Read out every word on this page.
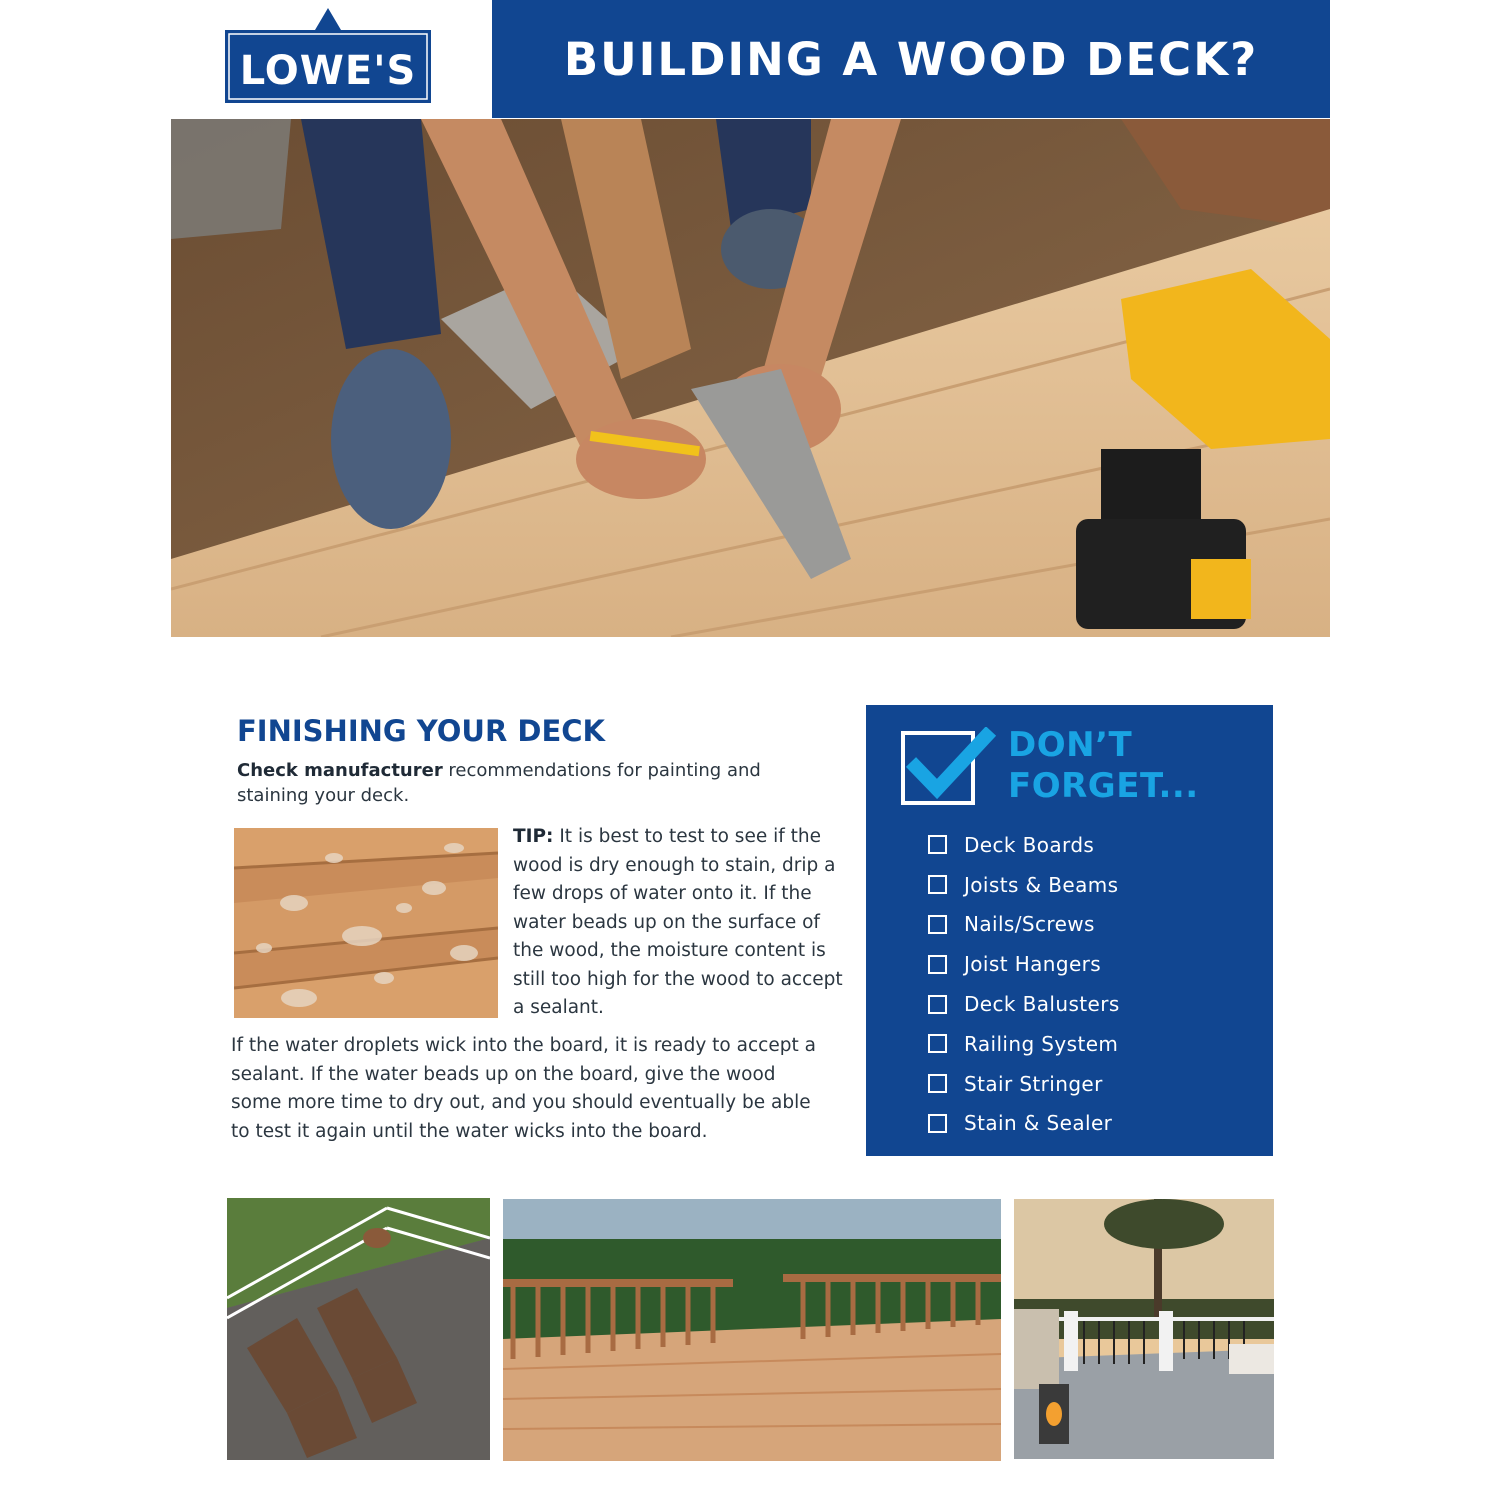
LOWE'S	BUILDING A WOOD DECK?
FINISHING YOUR DECK
Check manufacturer recommendations for painting and staining your deck.
TIP: It is best to test to see if the wood is dry enough to stain, drip a few drops of water onto it. If the water beads up on the surface of the wood, the moisture content is still too high for the wood to accept a sealant.
If the water droplets wick into the board, it is ready to accept a sealant. If the water beads up on the board, give the wood some more time to dry out, and you should eventually be able to test it again until the water wicks into the board.
DON’T
FORGET...
Deck Boards
Joists & Beams
Nails/Screws
Joist Hangers
Deck Balusters
Railing System
Stair Stringer
Stain & Sealer
